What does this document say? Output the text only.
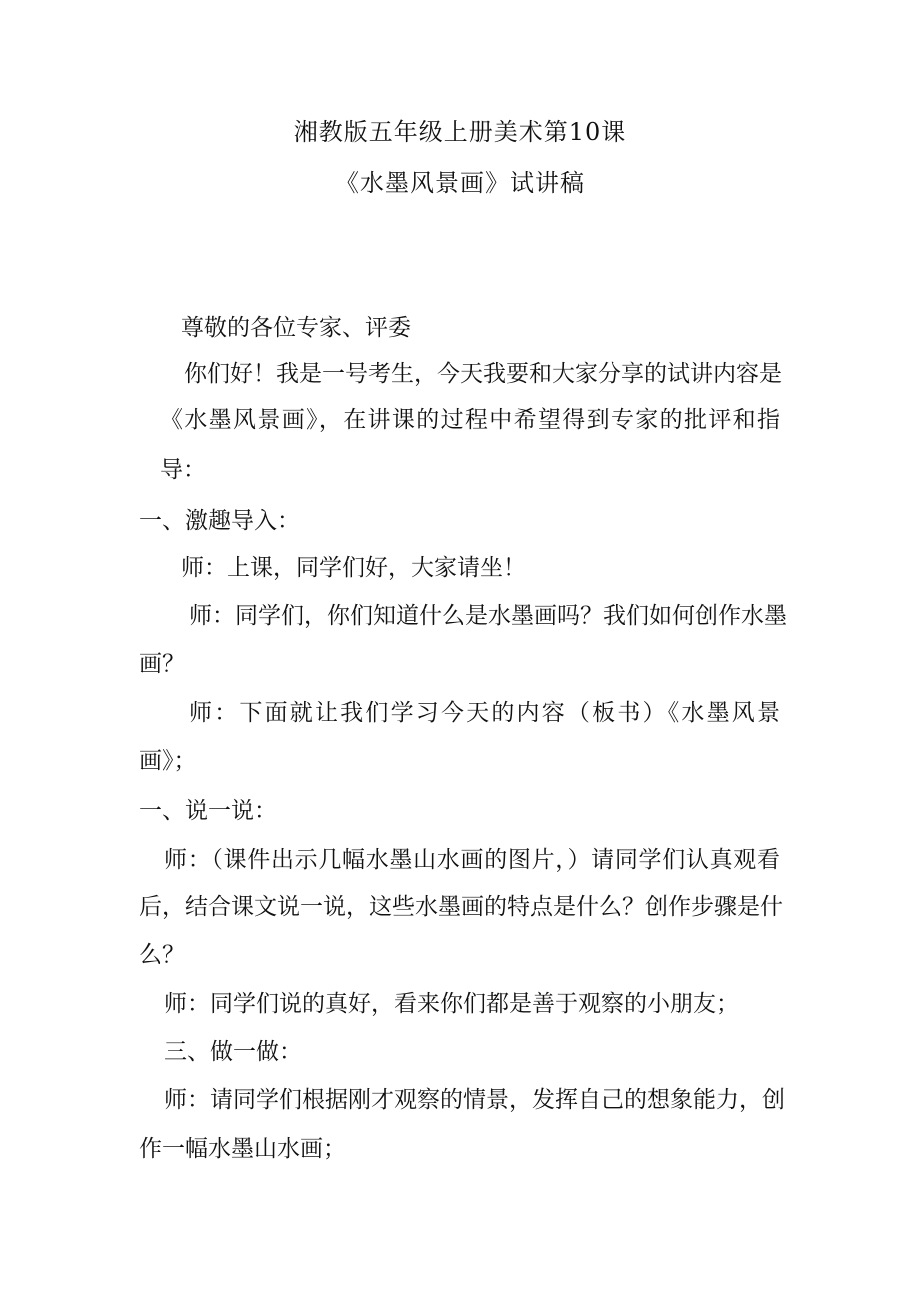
湘教版五年级上册美术第10课
《水墨风景画》试讲稿
尊敬的各位专家、评委
你们好！我是一号考生，今天我要和大家分享的试讲内容是
《水墨风景画》，在讲课的过程中希望得到专家的批评和指
导：
一、激趣导入：
师：上课，同学们好，大家请坐！
师：同学们，你们知道什么是水墨画吗？我们如何创作水墨
画？
师：下面就让我们学习今天的内容（板书）《水墨风景
画》；
一、说一说：
师：（课件出示几幅水墨山水画的图片，）请同学们认真观看
后，结合课文说一说，这些水墨画的特点是什么？创作步骤是什
么？
师：同学们说的真好，看来你们都是善于观察的小朋友；
三、做一做：
师：请同学们根据刚才观察的情景，发挥自己的想象能力，创
作一幅水墨山水画；
